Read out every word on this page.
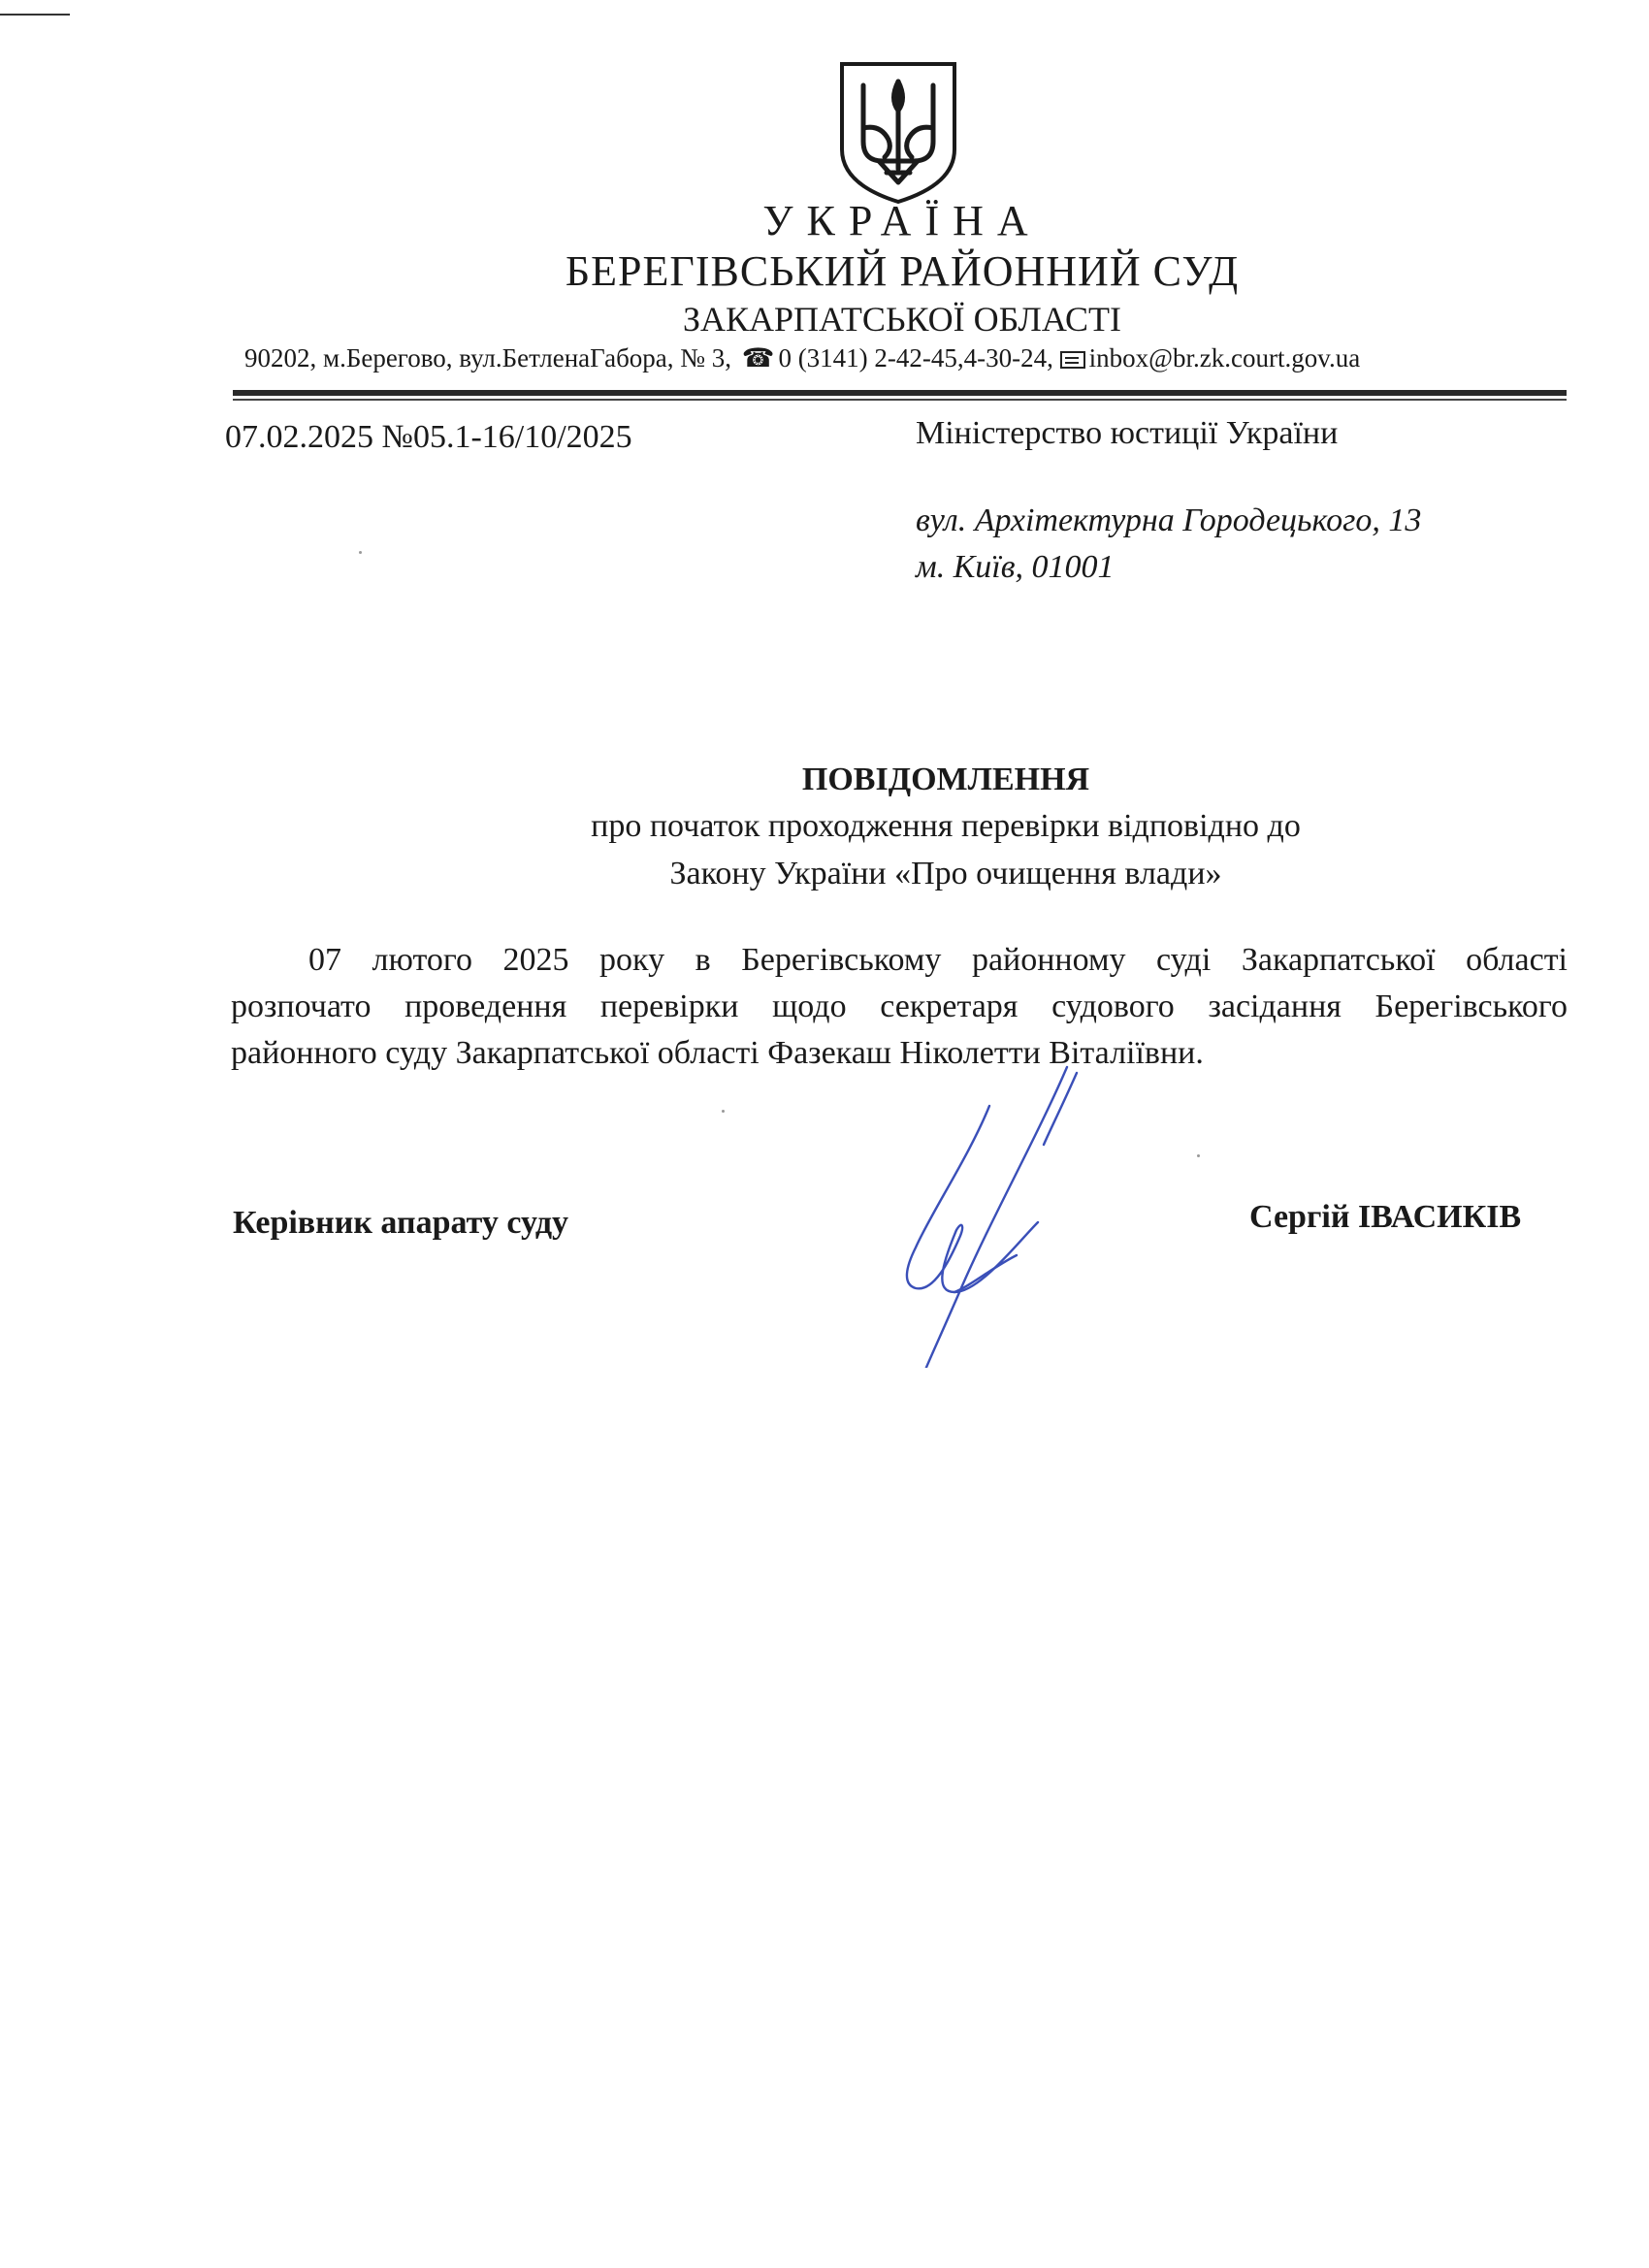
УКРАЇНА
БЕРЕГІВСЬКИЙ РАЙОННИЙ СУД
ЗАКАРПАТСЬКОЇ ОБЛАСТІ
90202, м.Берегово, вул.БетленаГабора, № 3, ☎ 0 (3141) 2-42-45,4-30-24, inbox@br.zk.court.gov.ua
07.02.2025 №05.1-16/10/2025	Міністерство юстиції України
вул. Архітектурна Городецького, 13
м. Київ, 01001
ПОВІДОМЛЕННЯ
про початок проходження перевірки відповідно до
Закону України «Про очищення влади»
07 лютого 2025 року в Берегівському районному суді Закарпатської області
розпочато проведення перевірки щодо секретаря судового засідання Берегівського
районного суду Закарпатської області Фазекаш Ніколетти Віталіївни.
Керівник апарату суду	Сергій ІВАСИКІВ
